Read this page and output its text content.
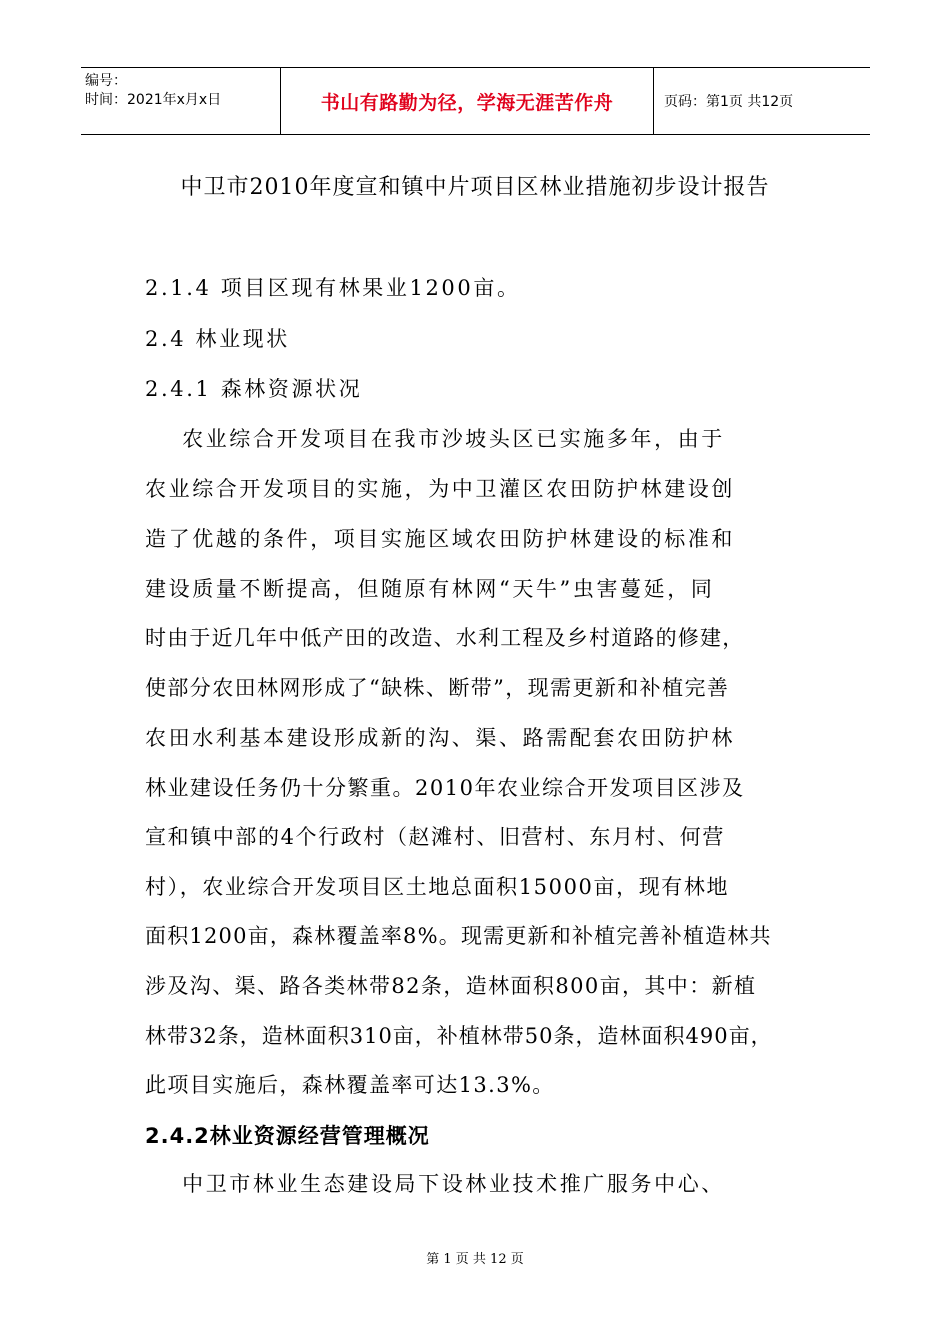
编号：
时间：2021年x月x日	书山有路勤为径，学海无涯苦作舟	页码：第1页 共12页
中卫市2010年度宣和镇中片项目区林业措施初步设计报告
2.1.4 项目区现有林果业1200亩。
2.4 林业现状
2.4.1 森林资源状况
农业综合开发项目在我市沙坡头区已实施多年，由于
农业综合开发项目的实施，为中卫灌区农田防护林建设创
造了优越的条件，项目实施区域农田防护林建设的标准和
建设质量不断提高，但随原有林网“天牛”虫害蔓延，同
时由于近几年中低产田的改造、水利工程及乡村道路的修建，
使部分农田林网形成了“缺株、断带”，现需更新和补植完善
农田水利基本建设形成新的沟、渠、路需配套农田防护林
林业建设任务仍十分繁重。2010年农业综合开发项目区涉及
宣和镇中部的4个行政村（赵滩村、旧营村、东月村、何营
村），农业综合开发项目区土地总面积15000亩，现有林地
面积1200亩，森林覆盖率8%。现需更新和补植完善补植造林共
涉及沟、渠、路各类林带82条，造林面积800亩，其中：新植
林带32条，造林面积310亩，补植林带50条，造林面积490亩，
此项目实施后，森林覆盖率可达13.3%。
2.4.2林业资源经营管理概况
中卫市林业生态建设局下设林业技术推广服务中心、
第 1 页 共 12 页
